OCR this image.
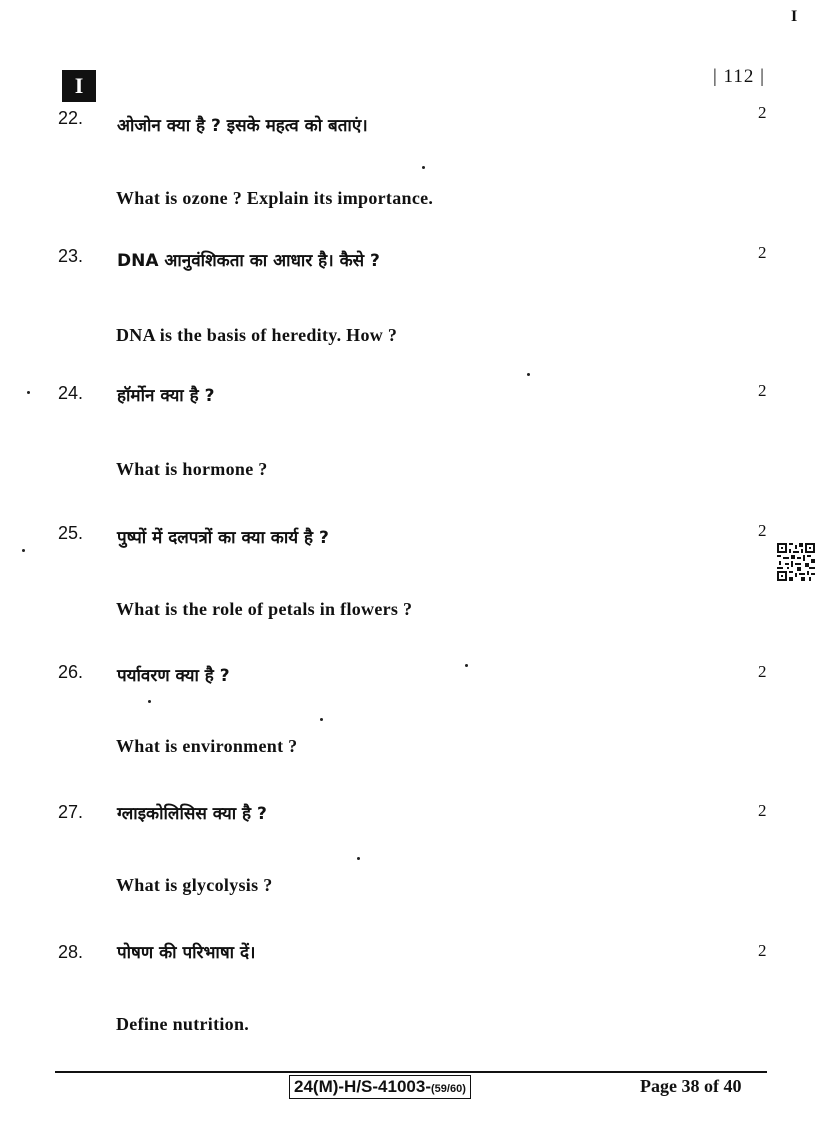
I
I	| 112 |
22. ओजोन क्या है ? इसके महत्व को बताएं।
2
What is ozone ? Explain its importance.
23. DNA आनुवंशिकता का आधार है। कैसे ?	2
DNA is the basis of heredity. How ?
24. हॉर्मोन क्या है ?	2
What is hormone ?
25. पुष्पों में दलपत्रों का क्या कार्य है ?	2
What is the role of petals in flowers ?
26. पर्यावरण क्या है ?	2
What is environment ?
27. ग्लाइकोलिसिस क्या है ?	2
What is glycolysis ?
28. पोषण की परिभाषा दें।	2
Define nutrition.
24(M)-H/S-41003-(59/60)	Page 38 of 40
